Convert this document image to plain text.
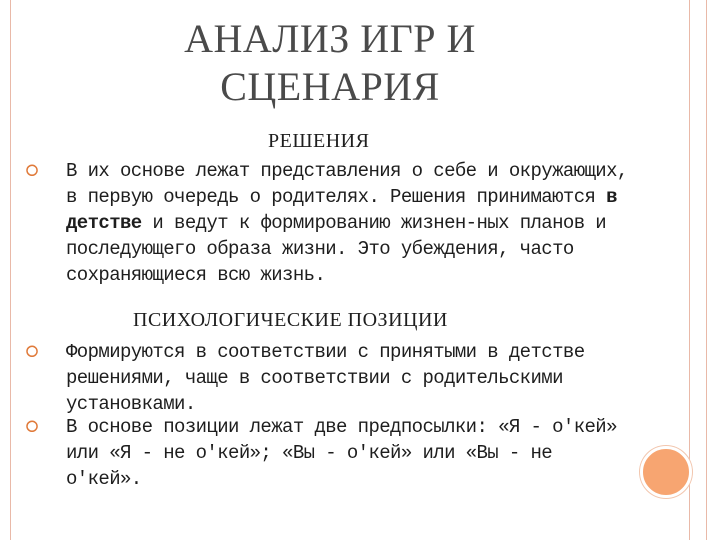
АНАЛИЗ ИГР И
СЦЕНАРИЯ
РЕШЕНИЯ
⭘	В их основе лежат представления о себе и окружающих, в первую очередь о родителях. Решения принимаются в детстве и ведут к формированию жизнен-ных планов и последующего образа жизни. Это убеждения, часто сохраняющиеся всю жизнь.
ПСИХОЛОГИЧЕСКИЕ ПОЗИЦИИ
⭘	Формируются в соответствии с принятыми в детстве решениями, чаще в соответствии с родительскими установками.
⭘	В основе позиции лежат две предпосылки: «Я - о'кей» или «Я - не о'кей»; «Вы - о'кей» или «Вы - не о'кей».
